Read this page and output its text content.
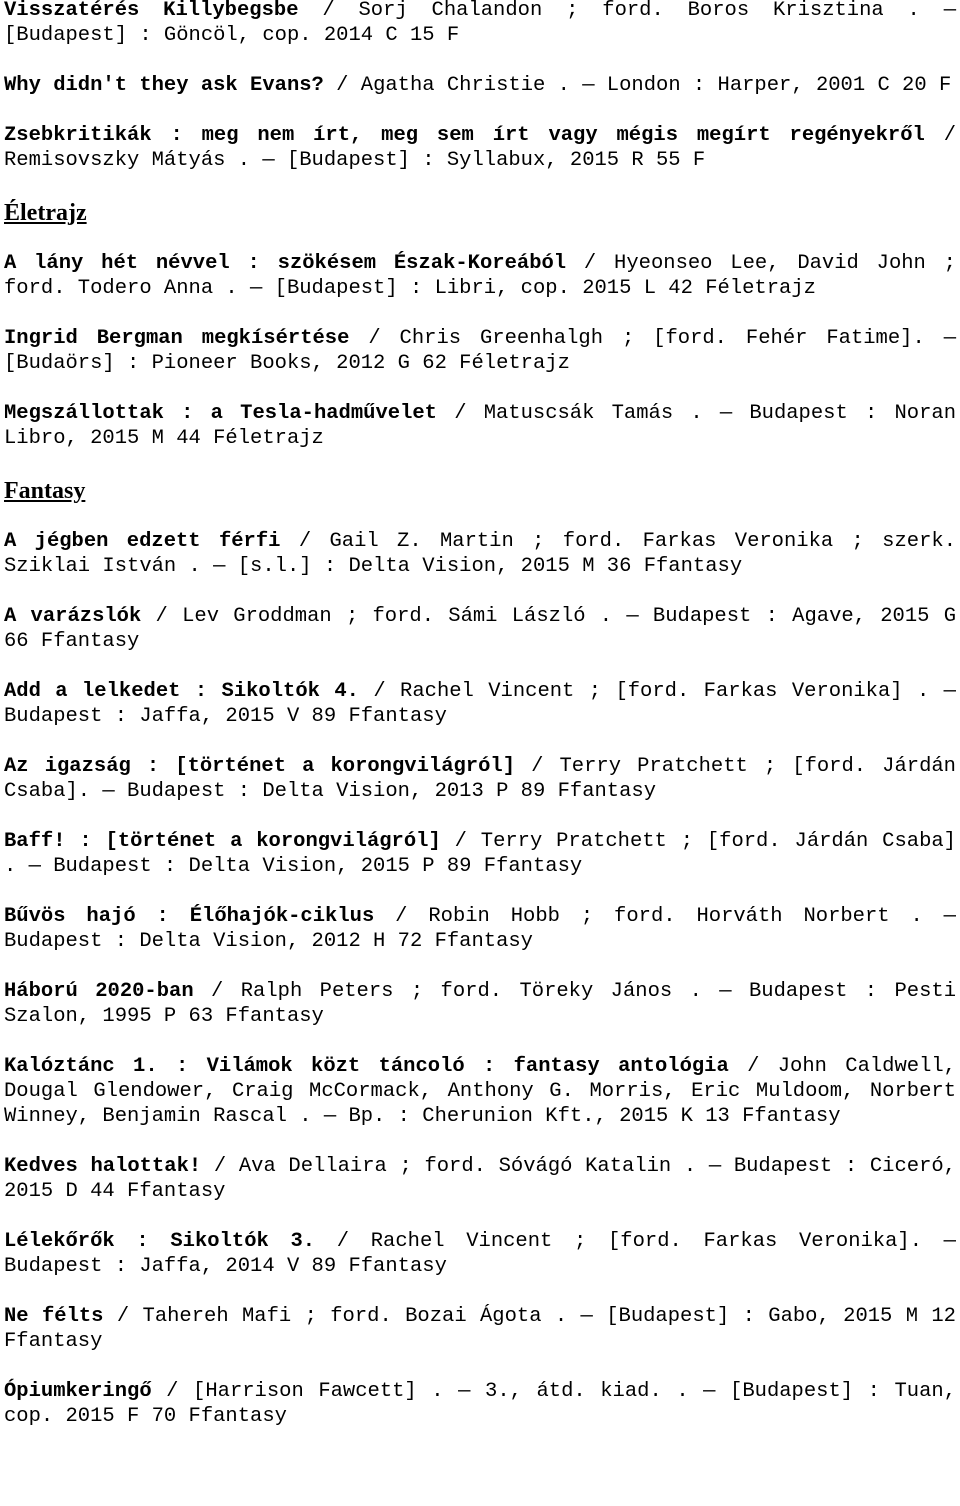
Visszatérés Killybegsbe / Sorj Chalandon ; ford. Boros Krisztina . — [Budapest] : Göncöl, cop. 2014 C 15 F

Why didn't they ask Evans? / Agatha Christie . — London : Harper, 2001 C 20 F

Zsebkritikák : meg nem írt, meg sem írt vagy mégis megírt regényekről / Remisovszky Mátyás . — [Budapest] : Syllabux, 2015 R 55 F

Életrajz

A lány hét névvel : szökésem Észak-Koreából / Hyeonseo Lee, David John ; ford. Todero Anna . — [Budapest] : Libri, cop. 2015 L 42 Féletrajz

Ingrid Bergman megkísértése / Chris Greenhalgh ; [ford. Fehér Fatime]. — [Budaörs] : Pioneer Books, 2012 G 62 Féletrajz

Megszállottak : a Tesla-hadművelet / Matuscsák Tamás . — Budapest : Noran Libro, 2015 M 44 Féletrajz

Fantasy

A jégben edzett férfi / Gail Z. Martin ; ford. Farkas Veronika ; szerk. Sziklai István . — [s.l.] : Delta Vision, 2015 M 36 Ffantasy

A varázslók / Lev Groddman ; ford. Sámi László . — Budapest : Agave, 2015 G 66 Ffantasy

Add a lelkedet : Sikoltók 4. / Rachel Vincent ; [ford. Farkas Veronika] . — Budapest : Jaffa, 2015 V 89 Ffantasy

Az igazság : [történet a korongvilágról] / Terry Pratchett ; [ford. Járdán Csaba]. — Budapest : Delta Vision, 2013 P 89 Ffantasy

Baff! : [történet a korongvilágról] / Terry Pratchett ; [ford. Járdán Csaba] . — Budapest : Delta Vision, 2015 P 89 Ffantasy

Bűvös hajó : Élőhajók-ciklus / Robin Hobb ; ford. Horváth Norbert . — Budapest : Delta Vision, 2012 H 72 Ffantasy

Háború 2020-ban / Ralph Peters ; ford. Töreky János . — Budapest : Pesti Szalon, 1995 P 63 Ffantasy

Kalóztánc 1. : Vilámok közt táncoló : fantasy antológia / John Caldwell, Dougal Glendower, Craig McCormack, Anthony G. Morris, Eric Muldoom, Norbert Winney, Benjamin Rascal . — Bp. : Cherunion Kft., 2015 K 13 Ffantasy

Kedves halottak! / Ava Dellaira ; ford. Sóvágó Katalin . — Budapest : Ciceró, 2015 D 44 Ffantasy

Lélekőrők : Sikoltók 3. / Rachel Vincent ; [ford. Farkas Veronika]. — Budapest : Jaffa, 2014 V 89 Ffantasy

Ne félts / Tahereh Mafi ; ford. Bozai Ágota . — [Budapest] : Gabo, 2015 M 12 Ffantasy

Ópiumkeringő / [Harrison Fawcett] . — 3., átd. kiad. . — [Budapest] : Tuan, cop. 2015 F 70 Ffantasy
